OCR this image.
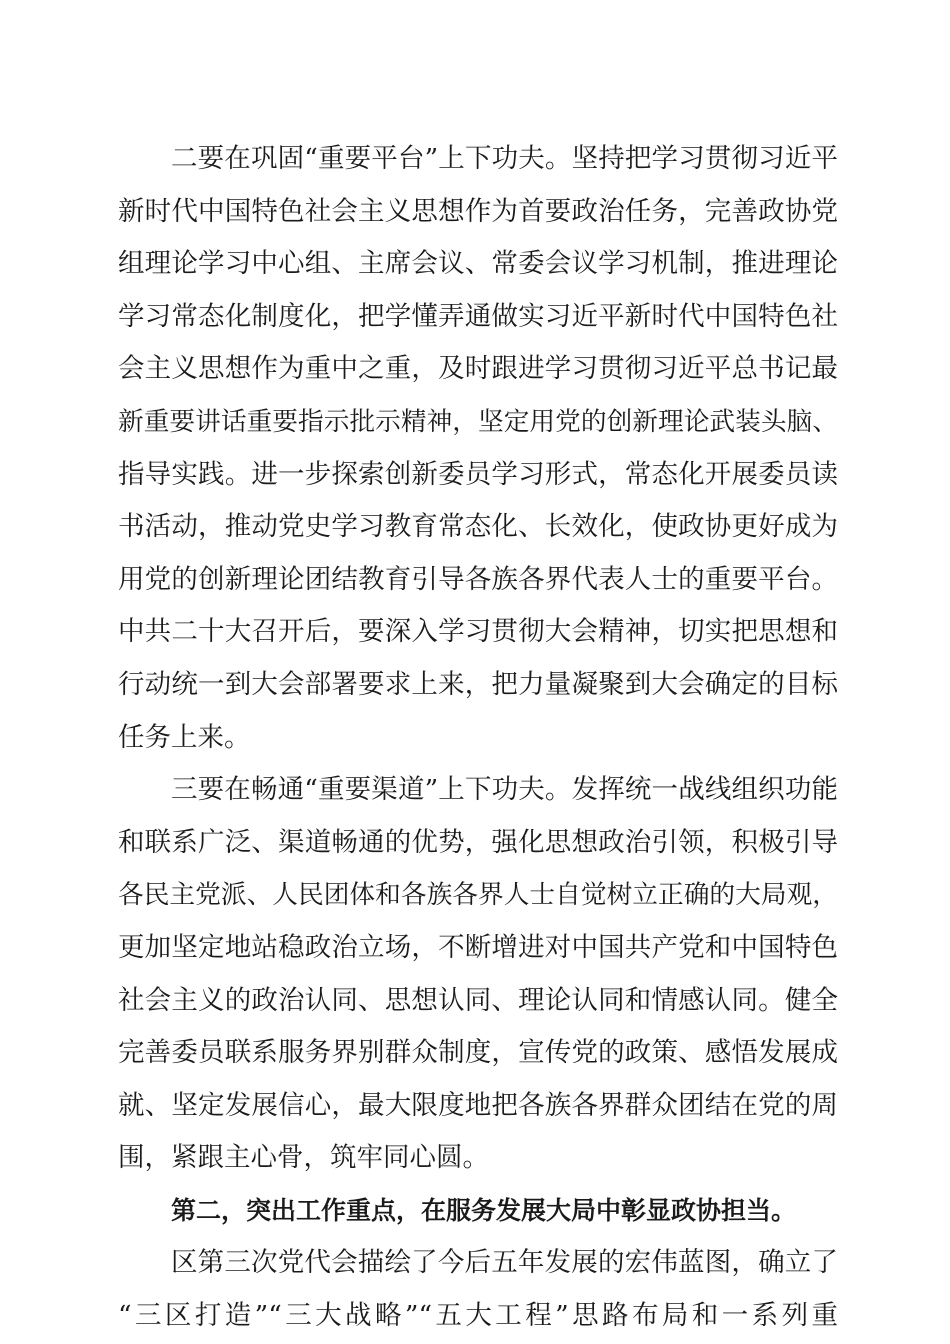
二要在巩固“重要平台”上下功夫。坚持把学习贯彻习近平
新时代中国特色社会主义思想作为首要政治任务，完善政协党
组理论学习中心组、主席会议、常委会议学习机制，推进理论
学习常态化制度化，把学懂弄通做实习近平新时代中国特色社
会主义思想作为重中之重，及时跟进学习贯彻习近平总书记最
新重要讲话重要指示批示精神，坚定用党的创新理论武装头脑、
指导实践。进一步探索创新委员学习形式，常态化开展委员读
书活动，推动党史学习教育常态化、长效化，使政协更好成为
用党的创新理论团结教育引导各族各界代表人士的重要平台。
中共二十大召开后，要深入学习贯彻大会精神，切实把思想和
行动统一到大会部署要求上来，把力量凝聚到大会确定的目标
任务上来。
三要在畅通“重要渠道”上下功夫。发挥统一战线组织功能
和联系广泛、渠道畅通的优势，强化思想政治引领，积极引导
各民主党派、人民团体和各族各界人士自觉树立正确的大局观，
更加坚定地站稳政治立场，不断增进对中国共产党和中国特色
社会主义的政治认同、思想认同、理论认同和情感认同。健全
完善委员联系服务界别群众制度，宣传党的政策、感悟发展成
就、坚定发展信心，最大限度地把各族各界群众团结在党的周
围，紧跟主心骨，筑牢同心圆。
第二，突出工作重点，在服务发展大局中彰显政协担当。
区第三次党代会描绘了今后五年发展的宏伟蓝图，确立了
“三区打造”“三大战略”“五大工程”思路布局和一系列重
